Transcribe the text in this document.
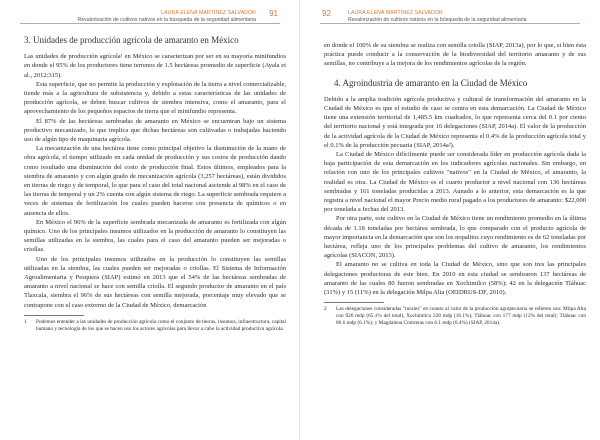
LAURA ELENA MARTÍNEZ SALVADOR
Revalorización de cultivos nativos en la búsqueda de la seguridad alimentaria
91
3. Unidades de producción agrícola de amaranto en México

Las unidades de producción agrícola¹ en México se caracterizan por ser en su mayoría minifundios en donde el 95% de los productores tiene terrenos de 1.5 hectáreas promedio de superficie (Ayala et al., 2012:315).

Esta superficie, que no permite la producción y explotación de la tierra a nivel comercializable, tiende más a la agricultura de subsistencia y, debido a estas características de las unidades de producción agrícola, se deben buscar cultivos de siembra intensiva, como el amaranto, para el aprovechamiento de los pequeños espacios de tierra que el minifundio representa.

El 87% de las hectáreas sembradas de amaranto en México se encuentran bajo un sistema productivo mecanizado, lo que implica que dichas hectáreas son cultivadas o trabajadas haciendo uso de algún tipo de maquinaria agrícola.

La mecanización de una hectárea tiene como principal objetivo la disminución de la mano de obra agrícola, el tiempo utilizado en cada unidad de producción y sus costos de producción dando como resultado una disminución del costo de producción final. Estos últimos, empleados para la siembra de amaranto y con algún grado de mecanización agrícola (3,257 hectáreas), están divididos en tierras de riego y de temporal, lo que para el caso del total nacional asciende al 98% en el caso de las tierras de temporal y un 2% cuenta con algún sistema de riego. La superficie sembrada requiere a veces de sistemas de fertilización los cuales pueden hacerse con presencia de químicos o en ausencia de ellos.

En México el 96% de la superficie sembrada mecanizada de amaranto es fertilizada con algún químico. Uno de los principales insumos utilizados en la producción de amaranto lo constituyen las semillas utilizadas en la siembra, las cuales para el caso del amaranto pueden ser mejoradas o criollas.

Uno de los principales insumos utilizados en la producción lo constituyen las semillas utilizadas en la siembra, las cuales pueden ser mejoradas o criollas. El Sistema de Información Agroalimentaria y Pesquera (SIAP) estimó en 2013 que el 54% de las hectáreas sembradas de amaranto a nivel nacional se hace con semilla criolla. El segundo productor de amaranto en el país Tlaxcala, siembra el 96% de sus hectáreas con semilla mejorada, porcentaje muy elevado que se contrapone con el caso extremo de la Ciudad de México, demarcación

1	Podemos entender a las unidades de producción agrícola como el conjunto de tierras, insumos, infraestructura, capital humano y tecnología de los que se hacen uso los actores agrícolas para llevar a cabo la actividad productiva agrícola.
92	LAURA ELENA MARTÍNEZ SALVADOR
Revalorización de cultivos nativos en la búsqueda de la seguridad alimentaria

en donde el 100% de su siembra se realiza con semilla criolla (SIAP, 2013a), por lo que, si bien ésta práctica puede conducir a la conservación de la biodiversidad del territorio amaranto y de sus semillas, no contribuye a la mejora de los rendimientos agrícolas de la región.

4. Agroindustria de amaranto en la Ciudad de México

Debido a la amplia tradición agrícola productiva y cultural de transformación del amaranto en la Ciudad de México es que el estudio de caso se centra en esta demarcación. La Ciudad de México tiene una extensión territorial de 1,485.5 km cuadrados, lo que representa cerca del 0.1 por ciento del territorio nacional y está integrada por 16 delegaciones (SIAP, 2014a). El valor de la producción de la actividad agrícola de la Ciudad de México representa el 0.4% de la producción agrícola total y el 0.1% de la producción pecuaria (SIAP, 2014a²).

La Ciudad de México difícilmente puede ser considerada líder en producción agrícola dada la baja participación de esta demarcación en los indicadores agrícolas nacionales. Sin embargo, en relación con uno de los principales cultivos "nativos" en la Ciudad de México, el amaranto, la realidad es otra. La Ciudad de México es el cuarto productor a nivel nacional con 136 hectáreas sembradas y 161 toneladas producidas a 2013. Aunado a lo anterior, esta demarcación es la que registra a nivel nacional el mayor Precio medio rural pagado a los productores de amaranto: $22,000 por tonelada a fechas del 2013.

Por otra parte, este cultivo en la Ciudad de México tiene un rendimiento promedio en la última década de 1.18 toneladas por hectárea sembrada, lo que comparado con el producto agrícola de mayor importancia en la demarcación que son los nopalitos cuyo rendimiento es de 62 toneladas por hectárea, refleja uno de los principales problemas del cultivo de amaranto, los rendimientos agrícolas (SIACON, 2013).

El amaranto no se cultiva en toda la Ciudad de México, sino que son tres las principales delegaciones productoras de este bien. En 2010 en esta ciudad se sembraron 137 hectáreas de amaranto de las cuales 80 fueron sembradas en Xochimilco (58%); 42 en la delegación Tláhuac (31%) y 15 (11%) en la delegación Milpa Alta (OEIDRUS-DF, 2010).

2	Las delegaciones consideradas "rurales" en cuanto al valor de la producción agropecuaria se refieren son: Milpa Alta con 926 mdp (65.1% del total), Xochimilco 228 mdp (16.1%); Tláhuac con 177 mdp (12% del total); Tláhuac con 86.6 mdp (6.1%); y Magdalena Contreras con 6.1 mdp (0.4%) (SIAP, 2014a).
